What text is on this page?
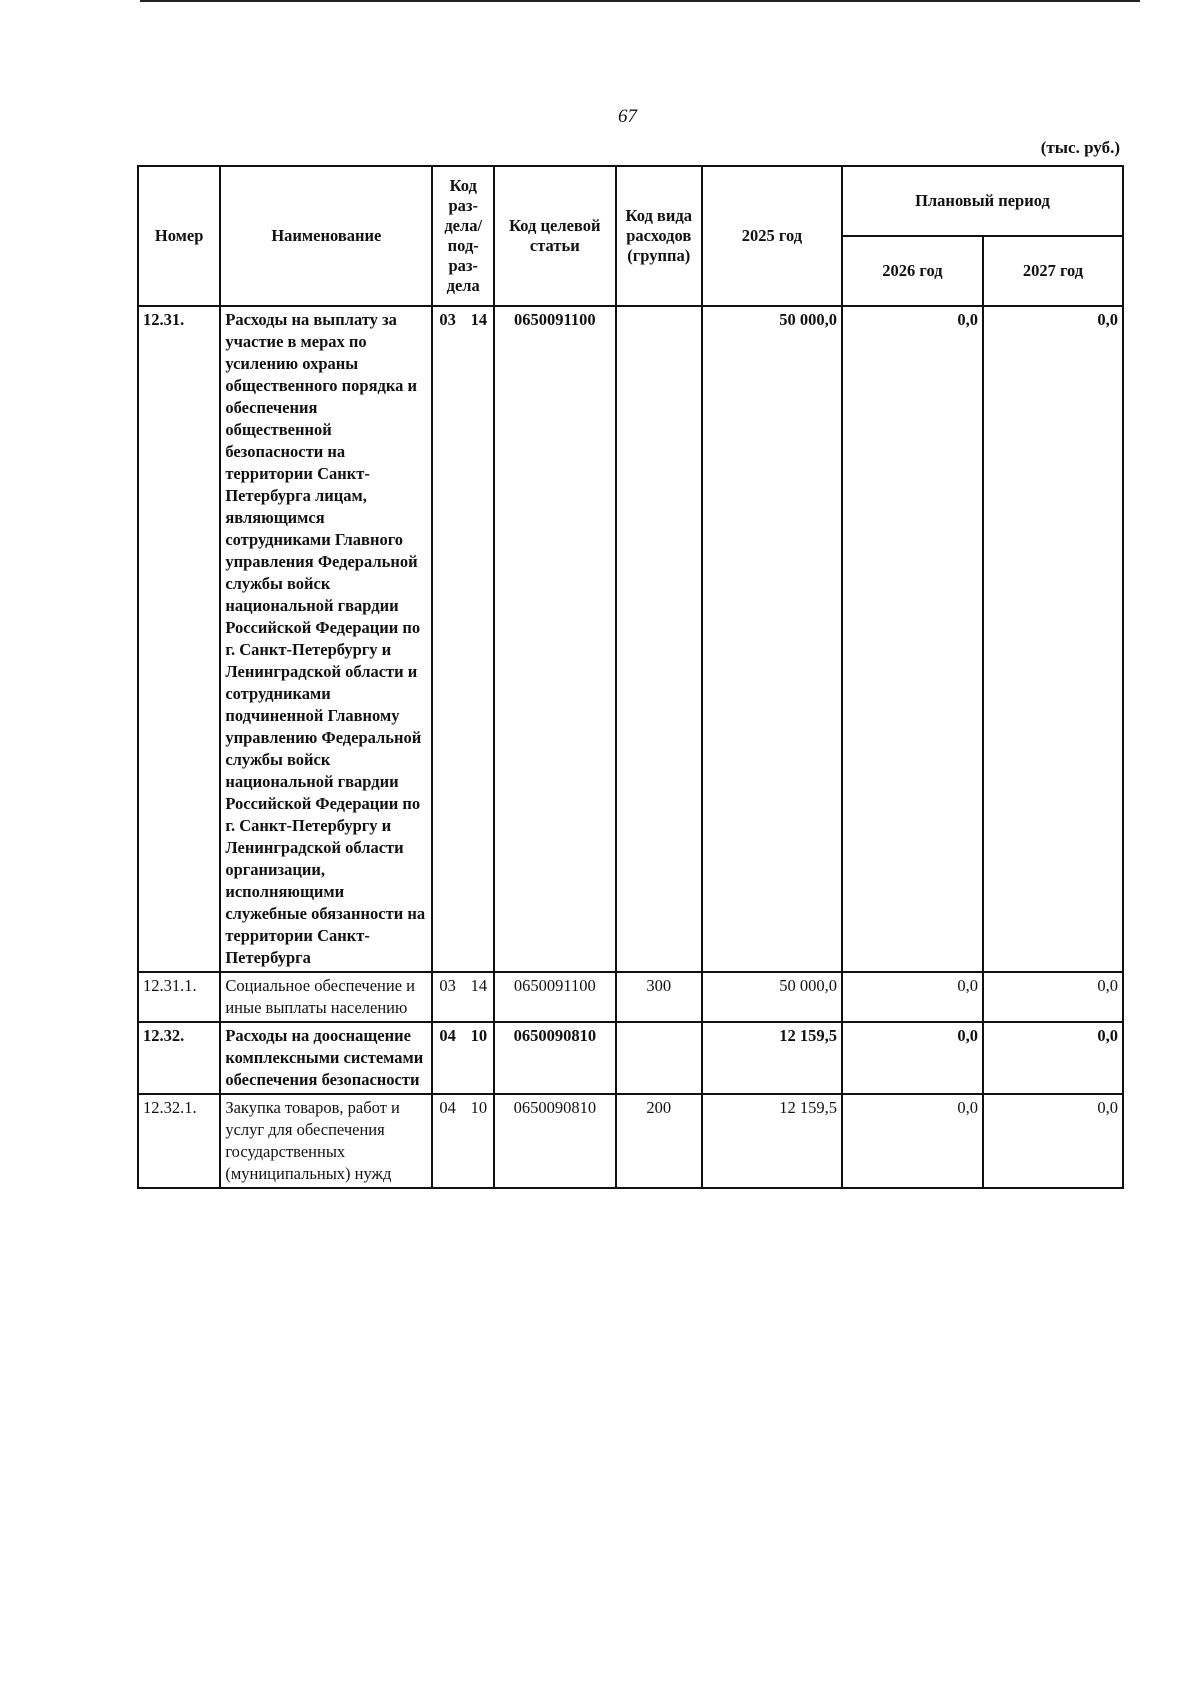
67
(тыс. руб.)
Номер	Наименование	Код раз- дела/ под- раз- дела	Код целевой статьи	Код вида расходов (группа)	2025 год	Плановый период	
						2026 год	2027 год
12.31.	Расходы на выплату за участие в мерах по усилению охраны общественного порядка и обеспечения общественной безопасности на территории Санкт-Петербурга лицам, являющимся сотрудниками Главного управления Федеральной службы войск национальной гвардии Российской Федерации по г. Санкт-Петербургу и Ленинградской области и сотрудниками подчиненной Главному управлению Федеральной службы войск национальной гвардии Российской Федерации по г. Санкт-Петербургу и Ленинградской области организации, исполняющими служебные обязанности на территории Санкт-Петербурга	03 14	0650091100		50 000,0	0,0	0,0
12.31.1.	Социальное обеспечение и иные выплаты населению	03 14	0650091100	300	50 000,0	0,0	0,0
12.32.	Расходы на дооснащение комплексными системами обеспечения безопасности	04 10	0650090810		12 159,5	0,0	0,0
12.32.1.	Закупка товаров, работ и услуг для обеспечения государственных (муниципальных) нужд	04 10	0650090810	200	12 159,5	0,0	0,0
